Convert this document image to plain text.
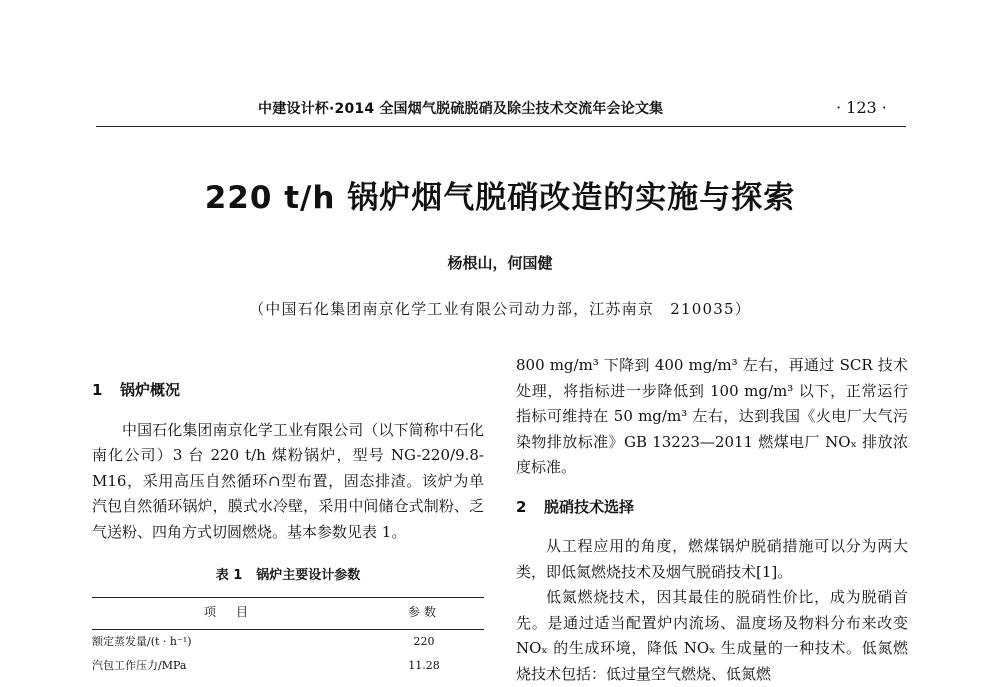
中建设计杯·2014 全国烟气脱硫脱硝及除尘技术交流年会论文集	· 123 ·
220 t/h 锅炉烟气脱硝改造的实施与探索
杨根山，何国健
（中国石化集团南京化学工业有限公司动力部，江苏南京　210035）
1 锅炉概况

中国石化集团南京化学工业有限公司（以下简称中石化南化公司）3 台 220 t/h 煤粉锅炉，型号 NG-220/9.8-M16，采用高压自然循环∩型布置，固态排渣。该炉为单汽包自然循环锅炉，膜式水冷壁，采用中间储仓式制粉、乏气送粉、四角方式切圆燃烧。基本参数见表 1。

表 1 锅炉主要设计参数
项　目	参数
额定蒸发量/(t · h⁻¹)	220
汽包工作压力/MPa	11.28

800 mg/m³ 下降到 400 mg/m³ 左右，再通过 SCR 技术处理，将指标进一步降低到 100 mg/m³ 以下，正常运行指标可维持在 50 mg/m³ 左右，达到我国《火电厂大气污染物排放标准》GB 13223—2011 燃煤电厂 NOₓ 排放浓度标准。

2 脱硝技术选择

从工程应用的角度，燃煤锅炉脱硝措施可以分为两大类，即低氮燃烧技术及烟气脱硝技术[1]。

低氮燃烧技术，因其最佳的脱硝性价比，成为脱硝首先。是通过适当配置炉内流场、温度场及物料分布来改变 NOₓ 的生成环境，降低 NOₓ 生成量的一种技术。低氮燃烧技术包括：低过量空气燃烧、低氮燃
